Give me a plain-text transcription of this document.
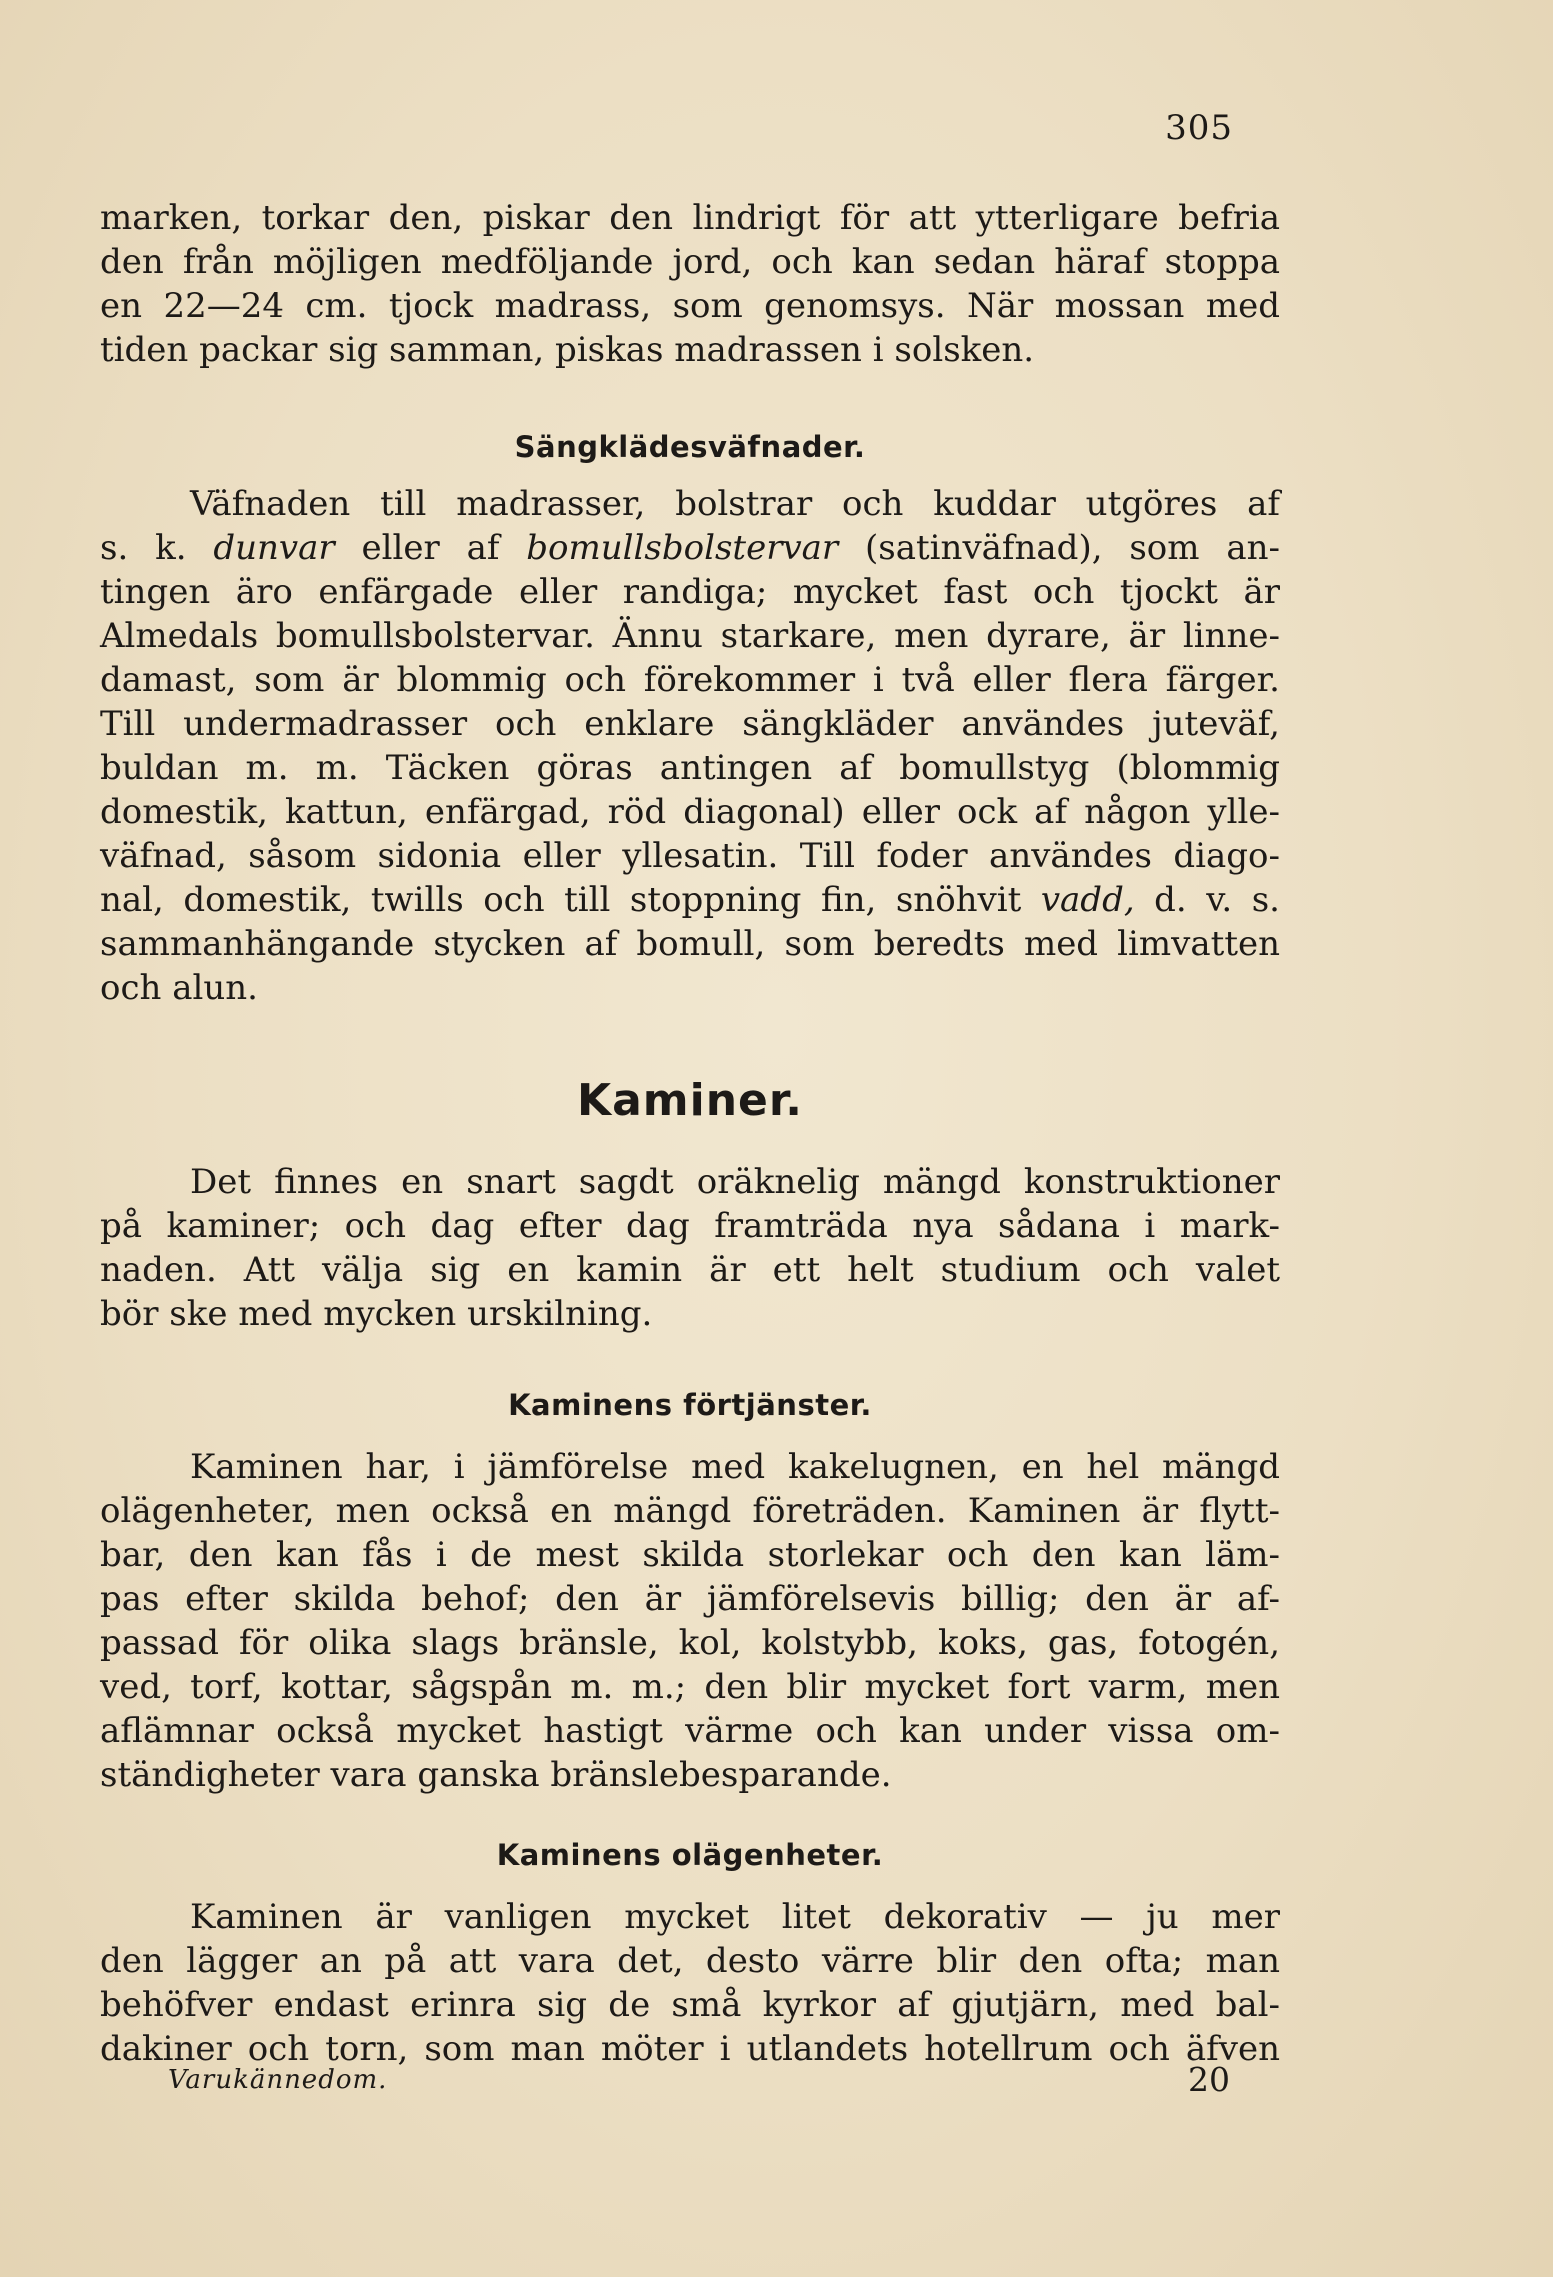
305
marken, torkar den, piskar den lindrigt för att ytterligare befria
den från möjligen medföljande jord, och kan sedan häraf stoppa
en 22—24 cm. tjock madrass, som genomsys. När mossan med
tiden packar sig samman, piskas madrassen i solsken.
Sängklädesväfnader.
Väfnaden till madrasser, bolstrar och kuddar utgöres af
s. k. dunvar eller af bomullsbolstervar (satinväfnad), som an-
tingen äro enfärgade eller randiga; mycket fast och tjockt är
Almedals bomullsbolstervar. Ännu starkare, men dyrare, är linne-
damast, som är blommig och förekommer i två eller flera färger.
Till undermadrasser och enklare sängkläder användes juteväf,
buldan m. m. Täcken göras antingen af bomullstyg (blommig
domestik, kattun, enfärgad, röd diagonal) eller ock af någon ylle-
väfnad, såsom sidonia eller yllesatin. Till foder användes diago-
nal, domestik, twills och till stoppning fin, snöhvit vadd, d. v. s.
sammanhängande stycken af bomull, som beredts med limvatten
och alun.
Kaminer.
Det finnes en snart sagdt oräknelig mängd konstruktioner
på kaminer; och dag efter dag framträda nya sådana i mark-
naden. Att välja sig en kamin är ett helt studium och valet
bör ske med mycken urskilning.
Kaminens förtjänster.
Kaminen har, i jämförelse med kakelugnen, en hel mängd
olägenheter, men också en mängd företräden. Kaminen är flytt-
bar, den kan fås i de mest skilda storlekar och den kan läm-
pas efter skilda behof; den är jämförelsevis billig; den är af-
passad för olika slags bränsle, kol, kolstybb, koks, gas, fotogén,
ved, torf, kottar, sågspån m. m.; den blir mycket fort varm, men
aflämnar också mycket hastigt värme och kan under vissa om-
ständigheter vara ganska bränslebesparande.
Kaminens olägenheter.
Kaminen är vanligen mycket litet dekorativ — ju mer
den lägger an på att vara det, desto värre blir den ofta; man
behöfver endast erinra sig de små kyrkor af gjutjärn, med bal-
dakiner och torn, som man möter i utlandets hotellrum och äfven
Varukännedom.	20
